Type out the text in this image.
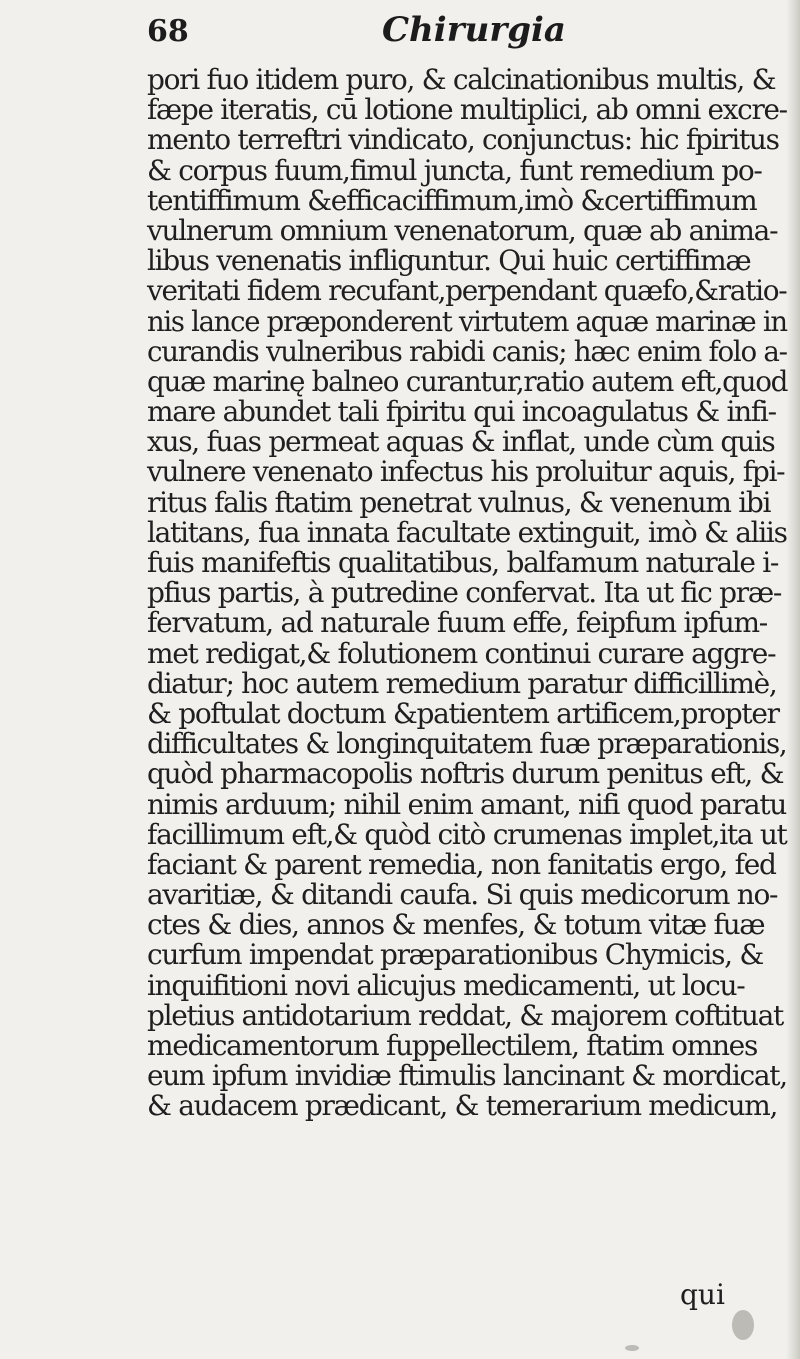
68	Chirurgia
pori fuo itidem puro, & calcinationibus multis, &
fæpe iteratis, cū lotione multiplici, ab omni excre-
mento terreftri vindicato, conjunctus: hic fpiritus
& corpus fuum,fimul juncta, funt remedium po-
tentiffimum &efficaciffimum,imò &certiffimum
vulnerum omnium venenatorum, quæ ab anima-
libus venenatis infliguntur. Qui huic certiffimæ
veritati fidem recufant,perpendant quæfo,&ratio-
nis lance præponderent virtutem aquæ marinæ in
curandis vulneribus rabidi canis; hæc enim folo a-
quæ marinę balneo curantur,ratio autem eft,quod
mare abundet tali fpiritu qui incoagulatus & infi-
xus, fuas permeat aquas & inflat, unde cùm quis
vulnere venenato infectus his proluitur aquis, fpi-
ritus falis ftatim penetrat vulnus, & venenum ibi
latitans, fua innata facultate extinguit, imò & aliis
fuis manifeftis qualitatibus, balfamum naturale i-
pfius partis, à putredine confervat. Ita ut fic præ-
fervatum, ad naturale fuum effe, feipfum ipfum-
met redigat,& folutionem continui curare aggre-
diatur; hoc autem remedium paratur difficillimè,
& poftulat doctum &patientem artificem,propter
difficultates & longinquitatem fuæ præparationis,
quòd pharmacopolis noftris durum penitus eft, &
nimis arduum; nihil enim amant, nifi quod paratu
facillimum eft,& quòd citò crumenas implet,ita ut
faciant & parent remedia, non fanitatis ergo, fed
avaritiæ, & ditandi caufa. Si quis medicorum no-
ctes & dies, annos & menfes, & totum vitæ fuæ
curfum impendat præparationibus Chymicis, &
inquifitioni novi alicujus medicamenti, ut locu-
pletius antidotarium reddat, & majorem coftituat
medicamentorum fuppellectilem, ftatim omnes
eum ipfum invidiæ ftimulis lancinant & mordicat,
& audacem prædicant, & temerarium medicum,
qui
